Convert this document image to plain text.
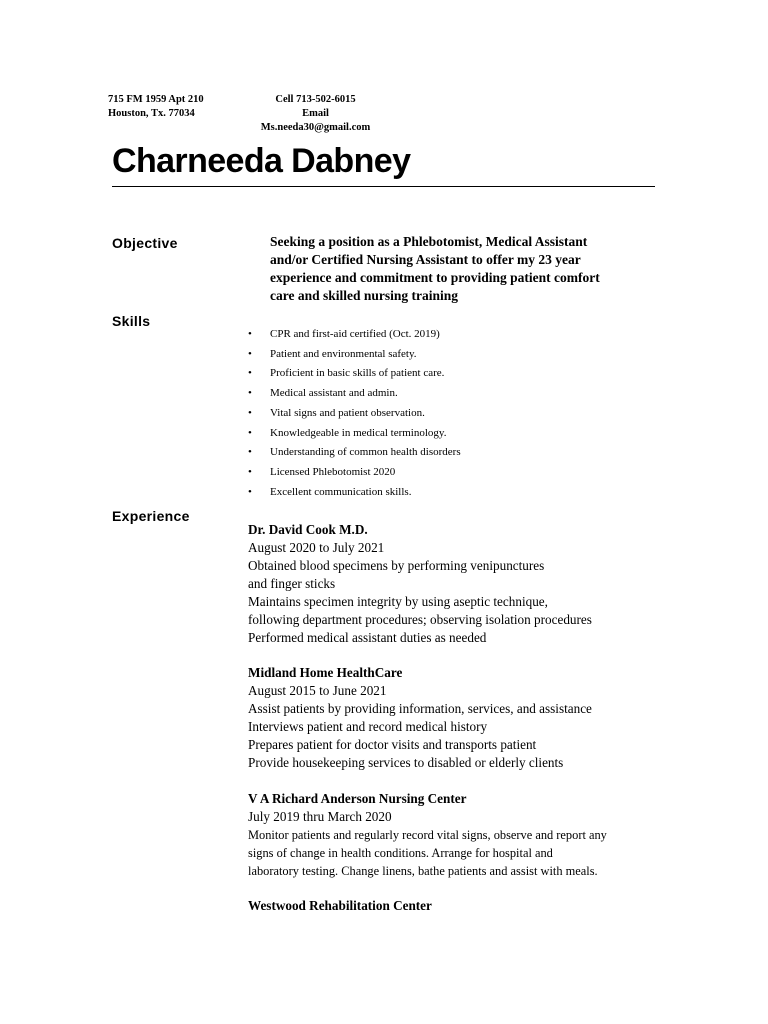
715 FM 1959 Apt 210
Houston, Tx. 77034
Cell 713-502-6015
Email
Ms.needa30@gmail.com
Charneeda Dabney
Objective	Seeking a position as a Phlebotomist, Medical Assistant
and/or Certified Nursing Assistant to offer my 23 year
experience and commitment to providing patient comfort
care and skilled nursing training
Skills
• CPR and first-aid certified (Oct. 2019)
• Patient and environmental safety.
• Proficient in basic skills of patient care.
• Medical assistant and admin.
• Vital signs and patient observation.
• Knowledgeable in medical terminology.
• Understanding of common health disorders
• Licensed Phlebotomist 2020
• Excellent communication skills.
Experience
Dr. David Cook M.D.
August 2020 to July 2021
Obtained blood specimens by performing venipunctures
and finger sticks
Maintains specimen integrity by using aseptic technique,
following department procedures; observing isolation procedures
Performed medical assistant duties as needed
Midland Home HealthCare
August 2015 to June 2021
Assist patients by providing information, services, and assistance
Interviews patient and record medical history
Prepares patient for doctor visits and transports patient
Provide housekeeping services to disabled or elderly clients
V A Richard Anderson Nursing Center
July 2019 thru March 2020
Monitor patients and regularly record vital signs, observe and report any
signs of change in health conditions. Arrange for hospital and
laboratory testing. Change linens, bathe patients and assist with meals.
Westwood Rehabilitation Center
